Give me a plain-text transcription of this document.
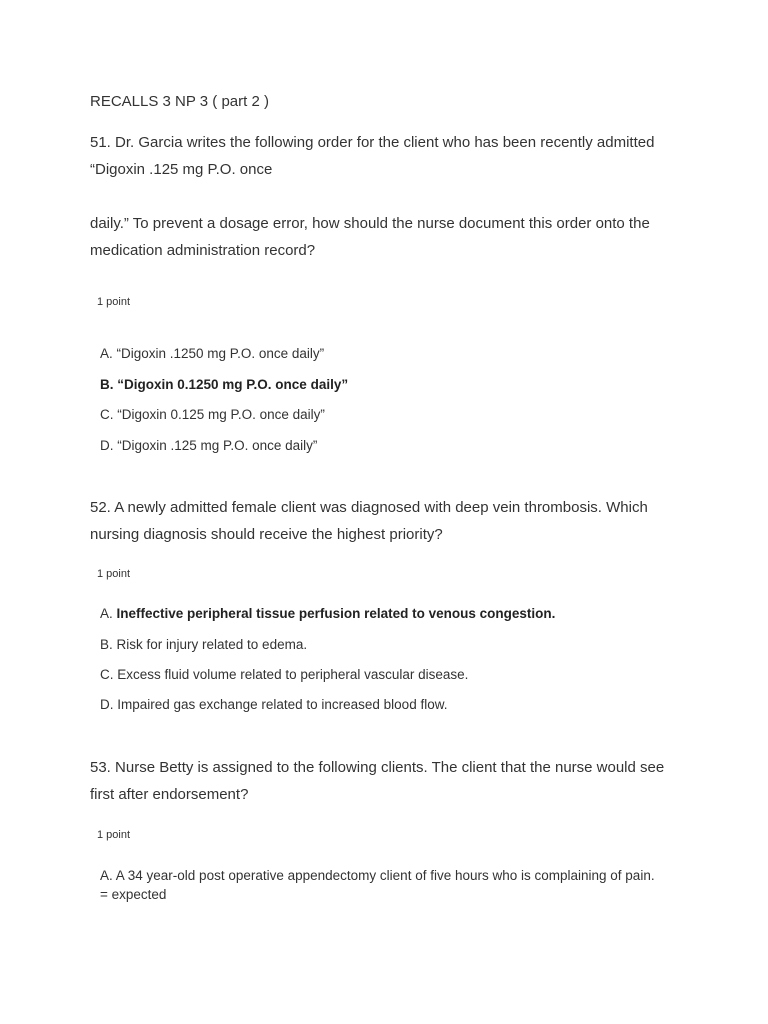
RECALLS 3 NP 3 ( part 2 )

51. Dr. Garcia writes the following order for the client who has been recently admitted

“Digoxin .125 mg P.O. once

daily.” To prevent a dosage error, how should the nurse document this order onto the

medication administration record?

1 point
A. “Digoxin .1250 mg P.O. once daily”
B. “Digoxin 0.1250 mg P.O. once daily”
C. “Digoxin 0.125 mg P.O. once daily”
D. “Digoxin .125 mg P.O. once daily”

52. A newly admitted female client was diagnosed with deep vein thrombosis. Which

nursing diagnosis should receive the highest priority?

1 point
A. Ineffective peripheral tissue perfusion related to venous congestion.
B. Risk for injury related to edema.
C. Excess fluid volume related to peripheral vascular disease.
D. Impaired gas exchange related to increased blood flow.

53. Nurse Betty is assigned to the following clients. The client that the nurse would see

first after endorsement?

1 point
A. A 34 year-old post operative appendectomy client of five hours who is complaining of pain.
= expected
